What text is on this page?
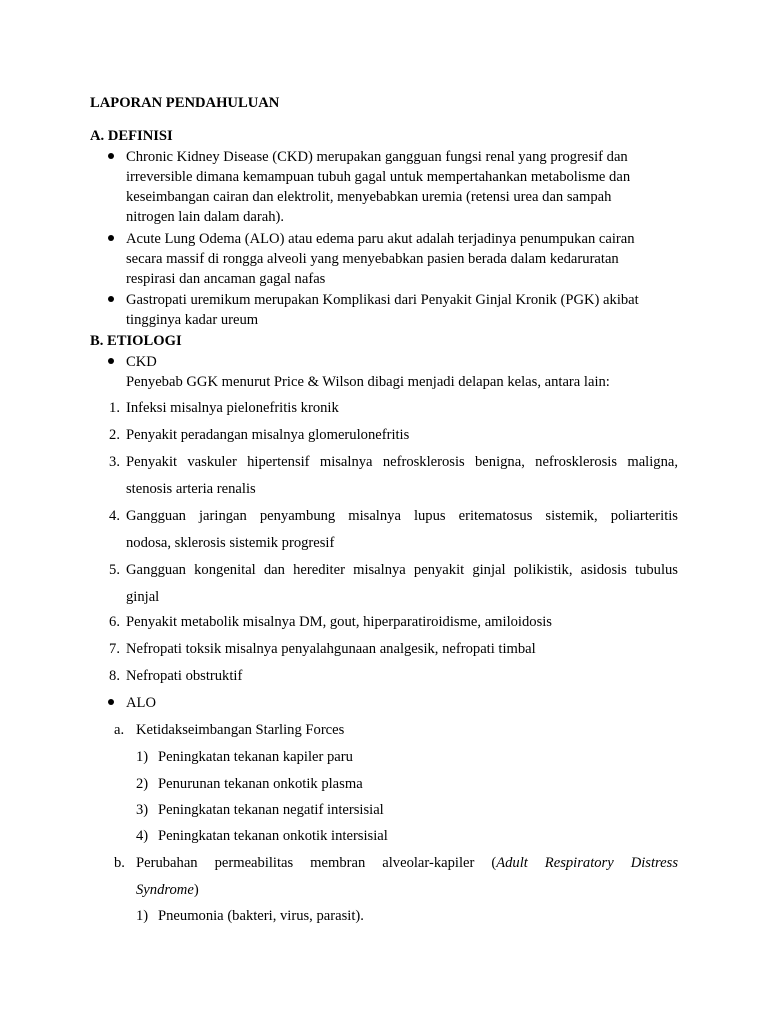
LAPORAN PENDAHULUAN

A. DEFINISI

Chronic Kidney Disease (CKD) merupakan gangguan fungsi renal yang progresif dan

irreversible dimana kemampuan tubuh gagal untuk mempertahankan metabolisme dan

keseimbangan cairan dan elektrolit, menyebabkan uremia (retensi urea dan sampah

nitrogen lain dalam darah).

Acute Lung Odema (ALO) atau edema paru akut adalah terjadinya penumpukan cairan

secara massif di rongga alveoli yang menyebabkan pasien berada dalam kedaruratan

respirasi dan ancaman gagal nafas

Gastropati uremikum merupakan Komplikasi dari Penyakit Ginjal Kronik (PGK) akibat

tingginya kadar ureum

B. ETIOLOGI

CKD

Penyebab GGK menurut Price & Wilson dibagi menjadi delapan kelas, antara lain:

1. Infeksi misalnya pielonefritis kronik

2. Penyakit peradangan misalnya glomerulonefritis

3. Penyakit vaskuler hipertensif misalnya nefrosklerosis benigna, nefrosklerosis maligna,

stenosis arteria renalis

4. Gangguan jaringan penyambung misalnya lupus eritematosus sistemik, poliarteritis

nodosa, sklerosis sistemik progresif

5. Gangguan kongenital dan herediter misalnya penyakit ginjal polikistik, asidosis tubulus

ginjal

6. Penyakit metabolik misalnya DM, gout, hiperparatiroidisme, amiloidosis

7. Nefropati toksik misalnya penyalahgunaan analgesik, nefropati timbal

8. Nefropati obstruktif

ALO

a. Ketidakseimbangan Starling Forces

1) Peningkatan tekanan kapiler paru

2) Penurunan tekanan onkotik plasma

3) Peningkatan tekanan negatif intersisial

4) Peningkatan tekanan onkotik intersisial

b. Perubahan permeabilitas membran alveolar-kapiler (Adult Respiratory Distress

Syndrome)

1) Pneumonia (bakteri, virus, parasit).
